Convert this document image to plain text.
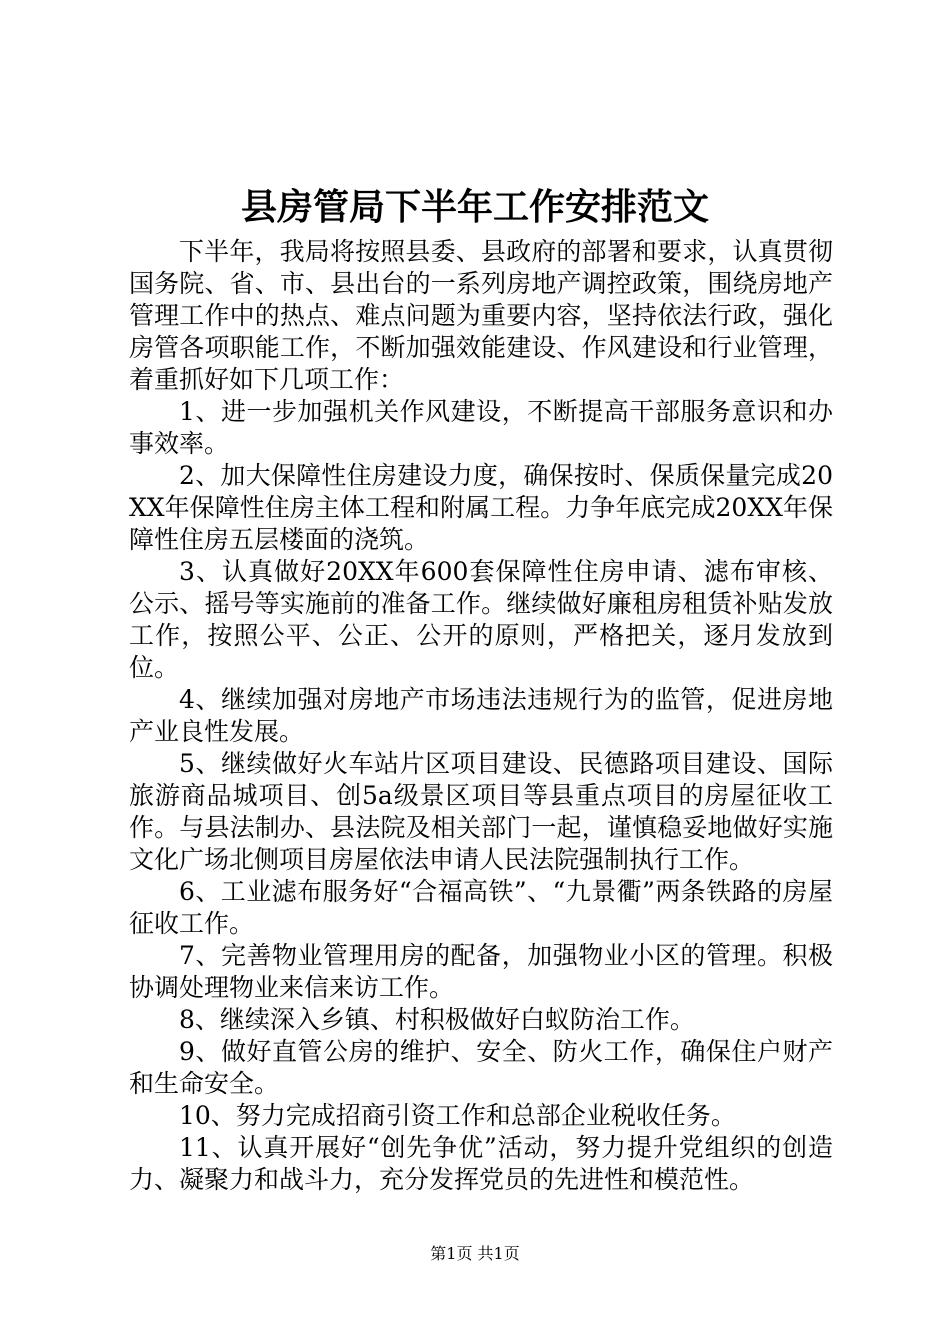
县房管局下半年工作安排范文

下半年，我局将按照县委、县政府的部署和要求，认真贯彻国务院、省、市、县出台的一系列房地产调控政策，围绕房地产管理工作中的热点、难点问题为重要内容，坚持依法行政，强化房管各项职能工作，不断加强效能建设、作风建设和行业管理，着重抓好如下几项工作：

1、进一步加强机关作风建设，不断提高干部服务意识和办事效率。

2、加大保障性住房建设力度，确保按时、保质保量完成20XX年保障性住房主体工程和附属工程。力争年底完成20XX年保障性住房五层楼面的浇筑。

3、认真做好20XX年600套保障性住房申请、滤布审核、公示、摇号等实施前的准备工作。继续做好廉租房租赁补贴发放工作，按照公平、公正、公开的原则，严格把关，逐月发放到位。

4、继续加强对房地产市场违法违规行为的监管，促进房地产业良性发展。

5、继续做好火车站片区项目建设、民德路项目建设、国际旅游商品城项目、创5a级景区项目等县重点项目的房屋征收工作。与县法制办、县法院及相关部门一起，谨慎稳妥地做好实施文化广场北侧项目房屋依法申请人民法院强制执行工作。

6、工业滤布服务好“合福高铁”、“九景衢”两条铁路的房屋征收工作。

7、完善物业管理用房的配备，加强物业小区的管理。积极协调处理物业来信来访工作。

8、继续深入乡镇、村积极做好白蚁防治工作。

9、做好直管公房的维护、安全、防火工作，确保住户财产和生命安全。

10、努力完成招商引资工作和总部企业税收任务。

11、认真开展好“创先争优”活动，努力提升党组织的创造力、凝聚力和战斗力，充分发挥党员的先进性和模范性。

第1页 共1页
